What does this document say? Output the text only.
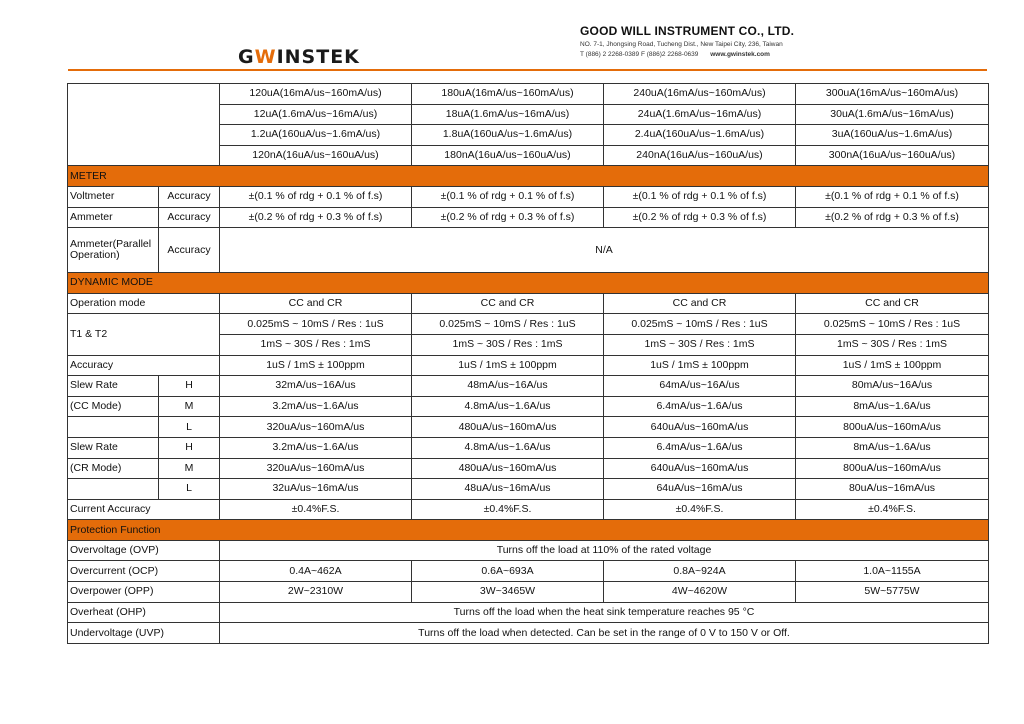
GWINSTEK
GOOD WILL INSTRUMENT CO., LTD.
NO. 7-1, Jhongsing Road, Tucheng Dist., New Taipei City, 236, Taiwan
T (886) 2 2268-0389 F (886)2 2268-0639 www.gwinstek.com
		120uA(16mA/us~160mA/us)	180uA(16mA/us~160mA/us)	240uA(16mA/us~160mA/us)	300uA(16mA/us~160mA/us)
		12uA(1.6mA/us~16mA/us)	18uA(1.6mA/us~16mA/us)	24uA(1.6mA/us~16mA/us)	30uA(1.6mA/us~16mA/us)
		1.2uA(160uA/us~1.6mA/us)	1.8uA(160uA/us~1.6mA/us)	2.4uA(160uA/us~1.6mA/us)	3uA(160uA/us~1.6mA/us)
		120nA(16uA/us~160uA/us)	180nA(16uA/us~160uA/us)	240nA(16uA/us~160uA/us)	300nA(16uA/us~160uA/us)
METER					
Voltmeter	Accuracy	±(0.1 % of rdg + 0.1 % of f.s)	±(0.1 % of rdg + 0.1 % of f.s)	±(0.1 % of rdg + 0.1 % of f.s)	±(0.1 % of rdg + 0.1 % of f.s)
Ammeter	Accuracy	±(0.2 % of rdg + 0.3 % of f.s)	±(0.2 % of rdg + 0.3 % of f.s)	±(0.2 % of rdg + 0.3 % of f.s)	±(0.2 % of rdg + 0.3 % of f.s)
Ammeter(Parallel Operation)	Accuracy	N/A			
DYNAMIC MODE					
Operation mode		CC and CR	CC and CR	CC and CR	CC and CR
T1 & T2		0.025mS ~ 10mS / Res : 1uS	0.025mS ~ 10mS / Res : 1uS	0.025mS ~ 10mS / Res : 1uS	0.025mS ~ 10mS / Res : 1uS
		1mS ~ 30S / Res : 1mS	1mS ~ 30S / Res : 1mS	1mS ~ 30S / Res : 1mS	1mS ~ 30S / Res : 1mS
Accuracy		1uS / 1mS ± 100ppm	1uS / 1mS ± 100ppm	1uS / 1mS ± 100ppm	1uS / 1mS ± 100ppm
Slew Rate	H	32mA/us~16A/us	48mA/us~16A/us	64mA/us~16A/us	80mA/us~16A/us
(CC Mode)	M	3.2mA/us~1.6A/us	4.8mA/us~1.6A/us	6.4mA/us~1.6A/us	8mA/us~1.6A/us
	L	320uA/us~160mA/us	480uA/us~160mA/us	640uA/us~160mA/us	800uA/us~160mA/us
Slew Rate	H	3.2mA/us~1.6A/us	4.8mA/us~1.6A/us	6.4mA/us~1.6A/us	8mA/us~1.6A/us
(CR Mode)	M	320uA/us~160mA/us	480uA/us~160mA/us	640uA/us~160mA/us	800uA/us~160mA/us
	L	32uA/us~16mA/us	48uA/us~16mA/us	64uA/us~16mA/us	80uA/us~16mA/us
Current Accuracy		±0.4%F.S.	±0.4%F.S.	±0.4%F.S.	±0.4%F.S.
Protection Function					
Overvoltage (OVP)		Turns off the load at 110% of the rated voltage			
Overcurrent (OCP)		0.4A~462A	0.6A~693A	0.8A~924A	1.0A~1155A
Overpower (OPP)		2W~2310W	3W~3465W	4W~4620W	5W~5775W
Overheat (OHP)		Turns off the load when the heat sink temperature reaches 95 °C			
Undervoltage (UVP)		Turns off the load when detected. Can be set in the range of 0 V to 150 V or Off.			
